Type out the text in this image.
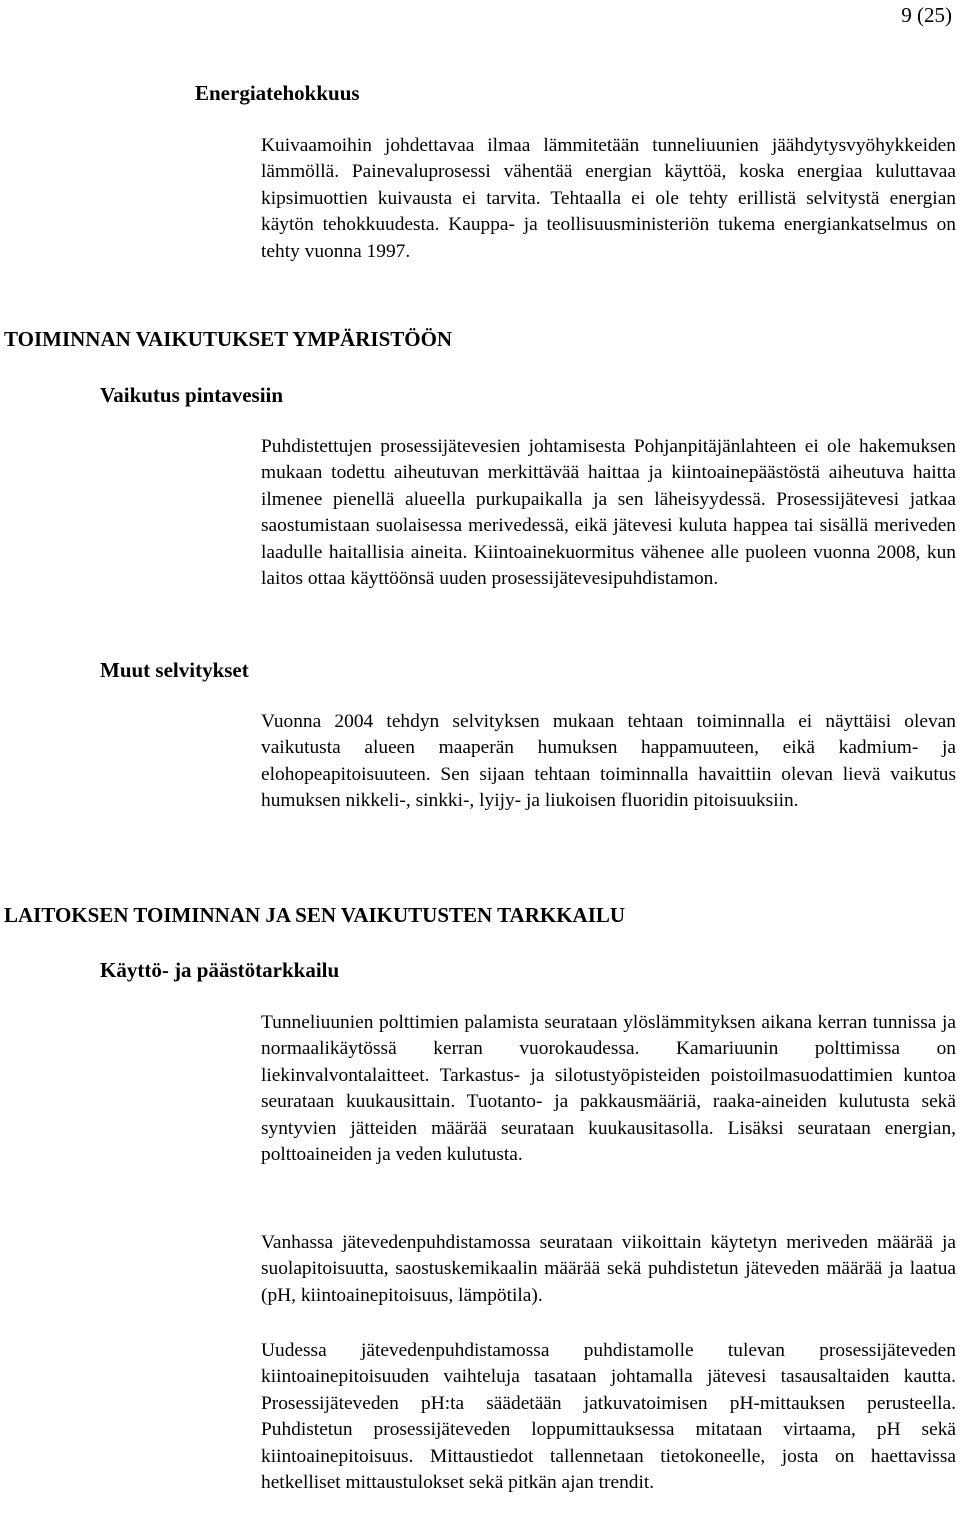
9 (25)
Energiatehokkuus

Kuivaamoihin johdettavaa ilmaa lämmitetään tunneliuunien jäähdytysvyöhykkeiden lämmöllä. Painevaluprosessi vähentää energian käyttöä, koska energiaa kuluttavaa kipsimuottien kuivausta ei tarvita. Tehtaalla ei ole tehty erillistä selvitystä energian käytön tehokkuudesta. Kauppa- ja teollisuusministeriön tukema energiankatselmus on tehty vuonna 1997.

TOIMINNAN VAIKUTUKSET YMPÄRISTÖÖN
Vaikutus pintavesiin

Puhdistettujen prosessijätevesien johtamisesta Pohjanpitäjänlahteen ei ole hakemuksen mukaan todettu aiheutuvan merkittävää haittaa ja kiintoainepäästöstä aiheutuva haitta ilmenee pienellä alueella purkupaikalla ja sen läheisyydessä. Prosessijätevesi jatkaa saostumistaan suolaisessa merivedessä, eikä jätevesi kuluta happea tai sisällä meriveden laadulle haitallisia aineita. Kiintoainekuormitus vähenee alle puoleen vuonna 2008, kun laitos ottaa käyttöönsä uuden prosessijätevesipuhdistamon.

Muut selvitykset

Vuonna 2004 tehdyn selvityksen mukaan tehtaan toiminnalla ei näyttäisi olevan vaikutusta alueen maaperän humuksen happamuuteen, eikä kadmium- ja elohopeapitoisuuteen. Sen sijaan tehtaan toiminnalla havaittiin olevan lievä vaikutus humuksen nikkeli-, sinkki-, lyijy- ja liukoisen fluoridin pitoisuuksiin.

LAITOKSEN TOIMINNAN JA SEN VAIKUTUSTEN TARKKAILU
Käyttö- ja päästötarkkailu

Tunneliuunien polttimien palamista seurataan ylöslämmityksen aikana kerran tunnissa ja normaalikäytössä kerran vuorokaudessa. Kamariuunin polttimissa on liekinvalvontalaitteet. Tarkastus- ja silotustyöpisteiden poistoilmasuodattimien kuntoa seurataan kuukausittain. Tuotanto- ja pakkausmääriä, raaka-aineiden kulutusta sekä syntyvien jätteiden määrää seurataan kuukausitasolla. Lisäksi seurataan energian, polttoaineiden ja veden kulutusta.

Vanhassa jätevedenpuhdistamossa seurataan viikoittain käytetyn meriveden määrää ja suolapitoisuutta, saostuskemikaalin määrää sekä puhdistetun jäteveden määrää ja laatua (pH, kiintoainepitoisuus, lämpötila).

Uudessa jätevedenpuhdistamossa puhdistamolle tulevan prosessijäteveden kiintoainepitoisuuden vaihteluja tasataan johtamalla jätevesi tasausaltaiden kautta. Prosessijäteveden pH:ta säädetään jatkuvatoimisen pH-mittauksen perusteella. Puhdistetun prosessijäteveden loppumittauksessa mitataan virtaama, pH sekä kiintoainepitoisuus. Mittaustiedot tallennetaan tietokoneelle, josta on haettavissa hetkelliset mittaustulokset sekä pitkän ajan trendit.
